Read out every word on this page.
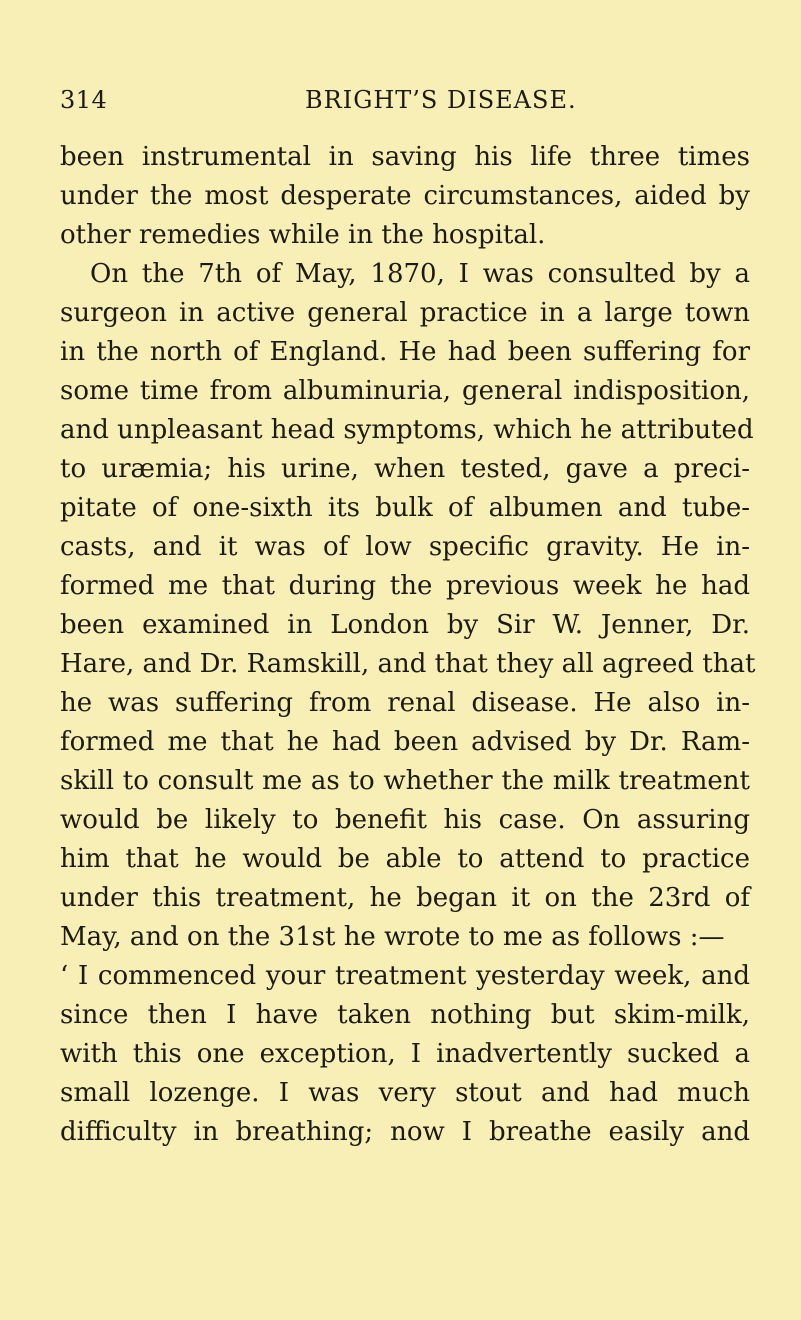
314	BRIGHT’S DISEASE.
been instrumental in saving his life three times
under the most desperate circumstances, aided by
other remedies while in the hospital.
On the 7th of May, 1870, I was consulted by a
surgeon in active general practice in a large town
in the north of England. He had been suffering for
some time from albuminuria, general indisposition,
and unpleasant head symptoms, which he attributed
to uræmia; his urine, when tested, gave a preci-
pitate of one-sixth its bulk of albumen and tube-
casts, and it was of low specific gravity. He in-
formed me that during the previous week he had
been examined in London by Sir W. Jenner, Dr.
Hare, and Dr. Ramskill, and that they all agreed that
he was suffering from renal disease. He also in-
formed me that he had been advised by Dr. Ram-
skill to consult me as to whether the milk treatment
would be likely to benefit his case. On assuring
him that he would be able to attend to practice
under this treatment, he began it on the 23rd of
May, and on the 31st he wrote to me as follows :—
‘ I commenced your treatment yesterday week, and
since then I have taken nothing but skim-milk,
with this one exception, I inadvertently sucked a
small lozenge. I was very stout and had much
difficulty in breathing; now I breathe easily and
